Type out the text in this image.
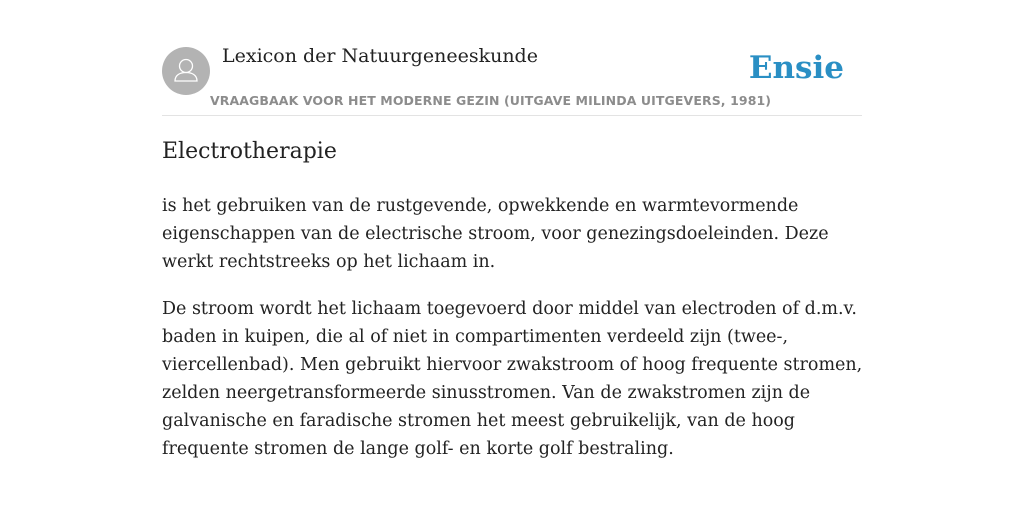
Lexicon der Natuurgeneeskunde
VRAAGBAAK VOOR HET MODERNE GEZIN (UITGAVE MILINDA UITGEVERS, 1981)
Ensie
Electrotherapie

is het gebruiken van de rustgevende, opwekkende en warmtevormende eigenschappen van de electrische stroom, voor genezingsdoeleinden. Deze werkt rechtstreeks op het lichaam in.

De stroom wordt het lichaam toegevoerd door middel van electroden of d.m.v. baden in kuipen, die al of niet in compartimenten verdeeld zijn (twee-, viercellenbad). Men gebruikt hiervoor zwakstroom of hoog frequente stromen, zelden neergetransformeerde sinusstromen. Van de zwakstromen zijn de galvanische en faradische stromen het meest gebruikelijk, van de hoog frequente stromen de lange golf- en korte golf bestraling.
